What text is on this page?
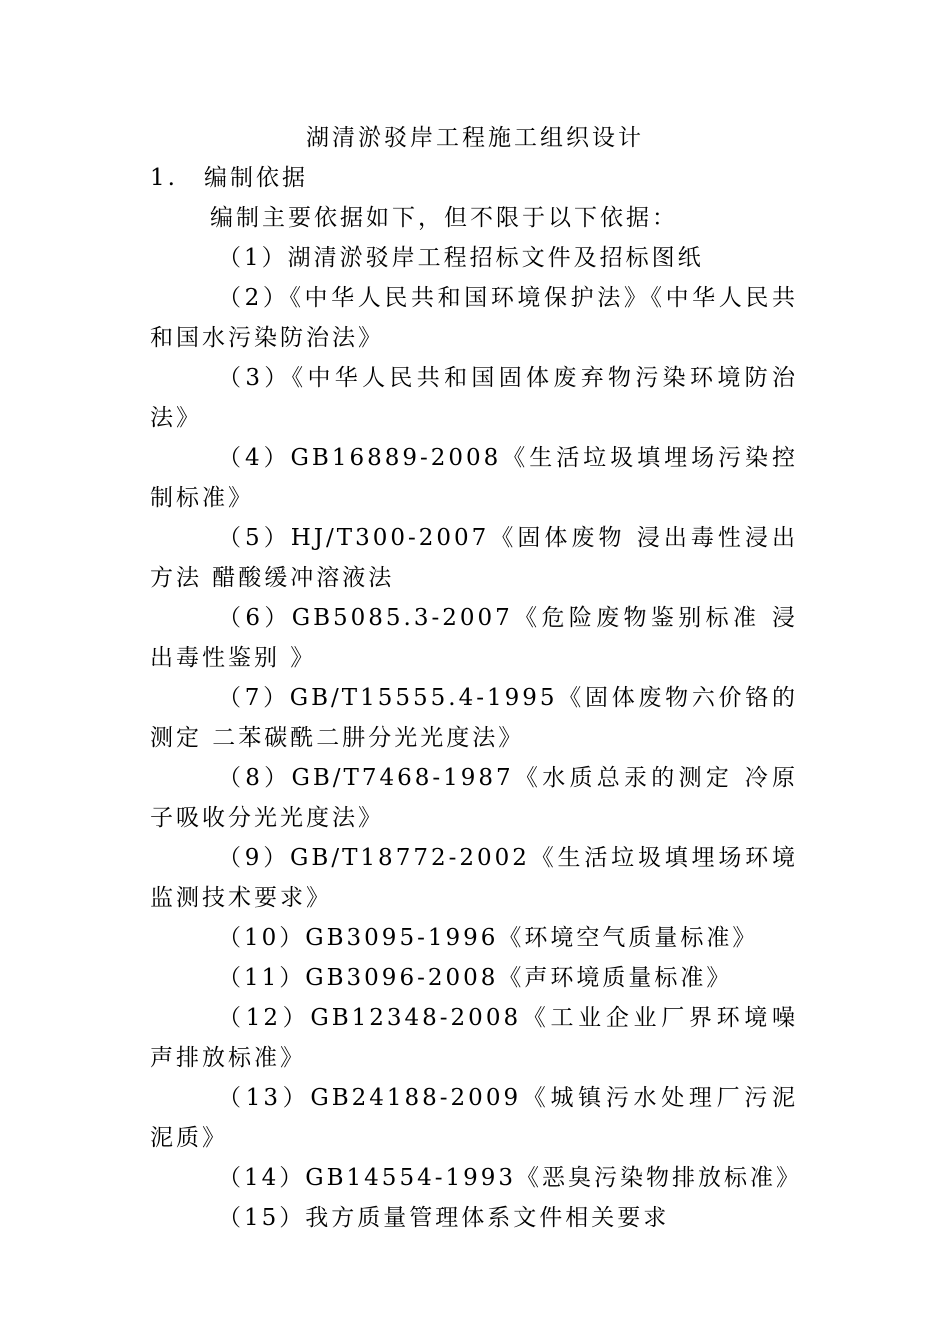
湖清淤驳岸工程施工组织设计
1.　编制依据

编制主要依据如下，但不限于以下依据：

（1）湖清淤驳岸工程招标文件及招标图纸

（2）《中华人民共和国环境保护法》《中华人民共和国水污染防治法》

（3）《中华人民共和国固体废弃物污染环境防治法》

（4）GB16889-2008《生活垃圾填埋场污染控制标准》

（5）HJ/T300-2007《固体废物 浸出毒性浸出方法 醋酸缓冲溶液法

（6）GB5085.3-2007《危险废物鉴别标准 浸出毒性鉴别 》

（7）GB/T15555.4-1995《固体废物六价铬的测定 二苯碳酰二肼分光光度法》

（8）GB/T7468-1987《水质总汞的测定 冷原子吸收分光光度法》

（9）GB/T18772-2002《生活垃圾填埋场环境监测技术要求》

（10）GB3095-1996《环境空气质量标准》

（11）GB3096-2008《声环境质量标准》

（12）GB12348-2008《工业企业厂界环境噪声排放标准》

（13）GB24188-2009《城镇污水处理厂污泥泥质》

（14）GB14554-1993《恶臭污染物排放标准》

（15）我方质量管理体系文件相关要求
